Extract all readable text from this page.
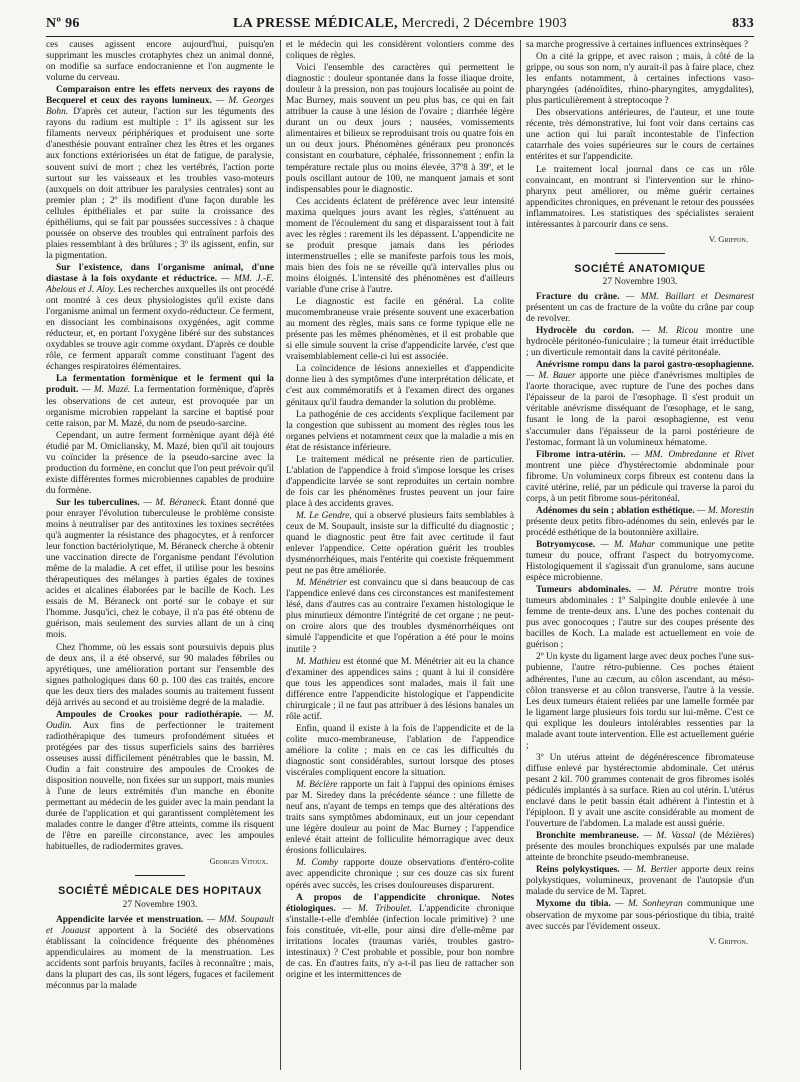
Nº 96	LA PRESSE MÉDICALE, Mercredi, 2 Décembre 1903	833

ces causes agissent encore aujourd'hui, puisqu'en supprimant les muscles crotaphytes chez un animal donné, on modifie sa surface endocranienne et l'on augmente le volume du cerveau.

Comparaison entre les effets nerveux des rayons de Becquerel et ceux des rayons lumineux. — M. Georges Bohn. D'après cet auteur, l'action sur les téguments des rayons du radium est multiple : 1º ils agissent sur les filaments nerveux périphériques et produisent une sorte d'anesthésie pouvant entraîner chez les êtres et les organes aux fonctions extériorisées un état de fatigue, de paralysie, souvent suivi de mort ; chez les vertébrés, l'action porte surtout sur les vaisseaux et les troubles vaso-moteurs (auxquels on doit attribuer les paralysies centrales) sont au premier plan ; 2º ils modifient d'une façon durable les cellules épithéliales et par suite la croissance des épithéliums, qui se fait par poussées successives : à chaque poussée on observe des troubles qui entraînent parfois des plaies ressemblant à des brûlures ; 3º ils agissent, enfin, sur la pigmentation.

Sur l'existence, dans l'organisme animal, d'une diastase à la fois oxydante et réductrice. — MM. J.-E. Abelous et J. Aloy. Les recherches auxquelles ils ont procédé ont montré à ces deux physiologistes qu'il existe dans l'organisme animal un ferment oxydo-réducteur. Ce ferment, en dissociant les combinaisons oxygénées, agit comme réducteur, et, en portant l'oxygène libéré sur des substances oxydables se trouve agir comme oxydant. D'après ce double rôle, ce ferment apparaît comme constituant l'agent des échanges respiratoires élémentaires.

La fermentation formènique et le ferment qui la produit. — M. Mazé. La fermentation formènique, d'après les observations de cet auteur, est provoquée par un organisme microbien rappelant la sarcine et baptisé pour cette raison, par M. Mazé, du nom de pseudo-sarcine.

Cependant, un autre ferment formènique ayant déjà été étudié par M. Omicliansky, M. Mazé, bien qu'il ait toujours vu coïncider la présence de la pseudo-sarcine avec la production du formène, en conclut que l'on peut prévoir qu'il existe différentes formes microbiennes capables de produire du formène.

Sur les tuberculines. — M. Béraneck. Étant donné que pour enrayer l'évolution tuberculeuse le problème consiste moins à neutraliser par des antitoxines les toxines secrétées qu'à augmenter la résistance des phagocytes, et à renforcer leur fonction bactériolytique, M. Béraneck cherche à obtenir une vaccination directe de l'organisme pendant l'évolution même de la maladie. A cet effet, il utilise pour les besoins thérapeutiques des mélanges à parties égales de toxines acides et alcalines élaborées par le bacille de Koch. Les essais de M. Béraneck ont porté sur le cobaye et sur l'homme. Jusqu'ici, chez le cobaye, il n'a pas été obtenu de guérison, mais seulement des survies allant de un à cinq mois.

Chez l'homme, où les essais sont poursuivis depuis plus de deux ans, il a été observé, sur 90 malades fébriles ou apyrétiques, une amélioration portant sur l'ensemble des signes pathologiques dans 60 p. 100 des cas traités, encore que les deux tiers des malades soumis au traitement fussent déjà arrivés au second et au troisième degré de la maladie.

Ampoules de Crookes pour radiothérapie. — M. Oudin. Aux fins de perfectionner le traitement radiothérapique des tumeurs profondément situées et protégées par des tissus superficiels sains des barrières osseuses aussi difficilement pénétrables que le bassin, M. Oudin a fait construire des ampoules de Crookes de disposition nouvelle, non fixées sur un support, mais munies à l'une de leurs extrémités d'un manche en ébonite permettant au médecin de les guider avec la main pendant la durée de l'application et qui garantissent complètement les malades contre le danger d'être atteints, comme ils risquent de l'être en pareille circonstance, avec les ampoules habituelles, de radiodermites graves.

Georges Vitoux.
SOCIÉTÉ MÉDICALE DES HOPITAUX
27 Novembre 1903.

Appendicite larvée et menstruation. — MM. Soupault et Jouaust apportent à la Société des observations établissant la coïncidence fréquente des phénomènes appendiculaires au moment de la menstruation. Les accidents sont parfois bruyants, faciles à reconnaître ; mais, dans la plupart des cas, ils sont légers, fugaces et facilement méconnus par la malade

et le médecin qui les considèrent volontiers comme des coliques de règles.

Voici l'ensemble des caractères qui permettent le diagnostic : douleur spontanée dans la fosse iliaque droite, douleur à la pression, non pas toujours localisée au point de Mac Burney, mais souvent un peu plus bas, ce qui en fait attribuer la cause à une lésion de l'ovaire ; diarrhée légère durant un ou deux jours ; nausées, vomissements alimentaires et bilieux se reproduisant trois ou quatre fois en un ou deux jours. Phénomènes généraux peu prononcés consistant en courbature, céphalée, frissonnement ; enfin la température rectale plus ou moins élevée, 37º8 à 39º, et le pouls oscillant autour de 100, ne manquent jamais et sont indispensables pour le diagnostic.

Ces accidents éclatent de préférence avec leur intensité maxima quelques jours avant les règles, s'atténuent au moment de l'écoulement du sang et disparaissent tout à fait avec les règles : rarement ils les dépassent. L'appendicite ne se produit presque jamais dans les périodes intermenstruelles ; elle se manifeste parfois tous les mois, mais bien des fois ne se réveille qu'à intervalles plus ou moins éloignés. L'intensité des phénomènes est d'ailleurs variable d'une crise à l'autre.

Le diagnostic est facile en général. La colite mucomembraneuse vraie présente souvent une exacerbation au moment des règles, mais sans ce forme typique elle ne présente pas les mêmes phénomènes, et il est probable que si elle simule souvent la crise d'appendicite larvée, c'est que vraisemblablement celle-ci lui est associée.

La coïncidence de lésions annexielles et d'appendicite donne lieu à des symptômes d'une interprétation délicate, et c'est aux commémoratifs et à l'examen direct des organes génitaux qu'il faudra demander la solution du problème.

La pathogénie de ces accidents s'explique facilement par la congestion que subissent au moment des règles tous les organes pelviens et notamment ceux que la maladie a mis en état de résistance inférieure.

Le traitement médical ne présente rien de particulier. L'ablation de l'appendice à froid s'impose lorsque les crises d'appendicite larvée se sont reproduites un certain nombre de fois car les phénomènes frustes peuvent un jour faire place à des accidents graves.

M. Le Gendre, qui a observé plusieurs faits semblables à ceux de M. Soupault, insiste sur la difficulté du diagnostic ; quand le diagnostic peut être fait avec certitude il faut enlever l'appendice. Cette opération guérit les troubles dysménorrhéiques, mais l'entérite qui coexiste fréquemment peut ne pas être améliorée.

M. Ménétrier est convaincu que si dans beaucoup de cas l'appendice enlevé dans ces circonstances est manifestement lésé, dans d'autres cas au contraire l'examen histologique le plus minutieux démontre l'intégrité de cet organe ; ne peut-on croire alors que des troubles dysménorrhéiques ont simulé l'appendicite et que l'opération a été pour le moins inutile ?

M. Mathieu est étonné que M. Ménétrier ait eu la chance d'examiner des appendices sains ; quant à lui il considère que tous les appendices sont malades, mais il fait une différence entre l'appendicite histologique et l'appendicite chirurgicale ; il ne faut pas attribuer à des lésions banales un rôle actif.

Enfin, quand il existe à la fois de l'appendicite et de la colite muco-membraneuse, l'ablation de l'appendice améliore la colite ; mais en ce cas les difficultés du diagnostic sont considérables, surtout lorsque des ptoses viscérales compliquent encore la situation.

M. Béclère rapporte un fait à l'appui des opinions émises par M. Siredey dans la précédente séance : une fillette de neuf ans, n'ayant de temps en temps que des altérations des traits sans symptômes abdominaux, eut un jour cependant une légère douleur au point de Mac Burney ; l'appendice enlevé était atteint de folliculite hémorragique avec deux érosions folliculaires.

M. Comby rapporte douze observations d'entéro-colite avec appendicite chronique ; sur ces douze cas six furent opérés avec succès, les crises douloureuses disparurent.

A propos de l'appendicite chronique. Notes étiologiques. — M. Triboulet. L'appendicite chronique s'installe-t-elle d'emblée (infection locale primitive) ? une fois constituée, vit-elle, pour ainsi dire d'elle-même par irritations locales (traumas variés, troubles gastro-intestinaux) ? C'est probable et possible, pour bon nombre de cas. En d'autres faits, n'y a-t-il pas lieu de rattacher son origine et les intermittences de

sa marche progressive à certaines influences extrinsèques ?

On a cité la grippe, et avec raison ; mais, à côté de la grippe, ou sous son nom, n'y aurait-il pas à faire place, chez les enfants notamment, à certaines infections vaso-pharyngées (adénoïdites, rhino-pharyngites, amygdalites), plus particulièrement à streptocoque ?

Des observations antérieures, de l'auteur, et une toute récente, très démonstrative, lui font voir dans certains cas une action qui lui paraît incontestable de l'infection catarrhale des voies supérieures sur le cours de certaines entérites et sur l'appendicite.

Le traitement local journal dans ce cas un rôle convaincant, en montrant si l'intervention sur le rhino-pharynx peut améliorer, ou même guérir certaines appendicites chroniques, en prévenant le retour des poussées inflammatoires. Les statistiques des spécialistes seraient intéressantes à parcourir dans ce sens.

V. Griffon.
SOCIÉTÉ ANATOMIQUE
27 Novembre 1903.

Fracture du crâne. — MM. Baillart et Desmarest présentent un cas de fracture de la voûte du crâne par coup de revolver.

Hydrocèle du cordon. — M. Ricou montre une hydrocèle péritonéo-funiculaire ; la tumeur était irréductible ; un diverticule remontait dans la cavité péritonéale.

Anévrisme rompu dans la paroi gastro-œsophagienne. — M. Bauer apporte une pièce d'anévrismes multiples de l'aorte thoracique, avec rupture de l'une des poches dans l'épaisseur de la paroi de l'œsophage. Il s'est produit un véritable anévrisme disséquant de l'œsophage, et le sang, fusant le long de la paroi œsophagienne, est venu s'accumuler dans l'épaisseur de la paroi postérieure de l'estomac, formant là un volumineux hématome.

Fibrome intra-utérin. — MM. Ombredanne et Rivet montrent une pièce d'hystérectomie abdominale pour fibrome. Un volumineux corps fibreux est contenu dans la cavité utérine, relié, par un pédicule qui traverse la paroi du corps, à un petit fibrome sous-péritonéal.

Adénomes du sein ; ablation esthétique. — M. Morestin présente deux petits fibro-adénomes du sein, enlevés par le procédé esthétique de la boutonnière axillaire.

Botryomycose. — M. Mahar communique une petite tumeur du pouce, offrant l'aspect du botryomycome. Histologiquement il s'agissait d'un granulome, sans aucune espèce microbienne.

Tumeurs abdominales. — M. Pérutre montre trois tumeurs abdominales : 1º Salpingite double enlevée à une femme de trente-deux ans. L'une des poches contenait du pus avec gonocoques ; l'autre sur des coupes présente des bacilles de Koch. La malade est actuellement en voie de guérison ;

2º Un kyste du ligament large avec deux poches l'une sus-pubienne, l'autre rétro-pubienne. Ces poches étaient adhérentes, l'une au cæcum, au côlon ascendant, au méso-côlon transverse et au côlon transverse, l'autre à la vessie. Les deux tumeurs étaient reliées par une lamelle formée par le ligament large plusieurs fois tordu sur lui-même. C'est ce qui explique les douleurs intolérables ressenties par la malade avant toute intervention. Elle est actuellement guérie ;

3º Un utérus atteint de dégénérescence fibromateuse diffuse enlevé par hystérectomie abdominale. Cet utérus pesant 2 kil. 700 grammes contenait de gros fibromes isolés pédiculés implantés à sa surface. Rien au col utérin. L'utérus enclavé dans le petit bassin était adhérent à l'intestin et à l'épiploon. Il y avait une ascite considérable au moment de l'ouverture de l'abdomen. La malade est aussi guérie.

Bronchite membraneuse. — M. Vassal (de Mézières) présente des moules bronchiques expulsés par une malade atteinte de bronchite pseudo-membraneuse.

Reins polykystiques. — M. Bertier apporte deux reins polykystiques, volumineux, provenant de l'autopsie d'un malade du service de M. Tapret.

Myxome du tibia. — M. Sonheyran communique une observation de myxome par sous-périostique du tibia, traité avec succès par l'évidement osseux.

V. Griffon.
